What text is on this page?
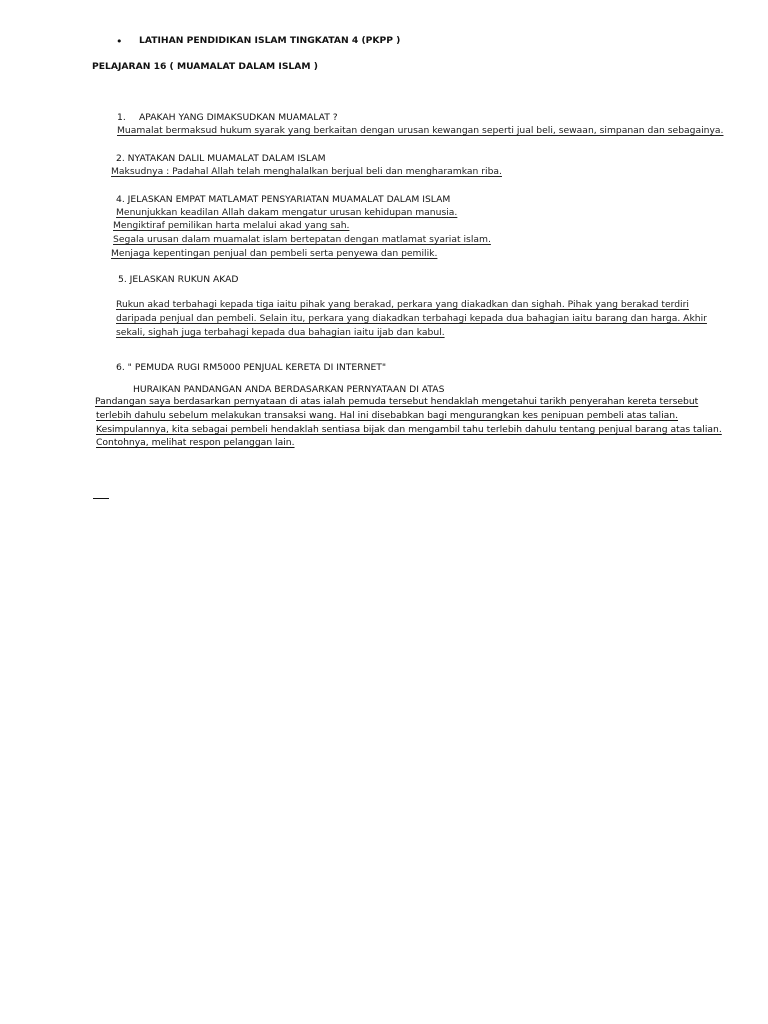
• LATIHAN PENDIDIKAN ISLAM TINGKATAN 4 (PKPP )
PELAJARAN 16 ( MUAMALAT DALAM ISLAM )
1. APAKAH YANG DIMAKSUDKAN MUAMALAT ?
Muamalat bermaksud hukum syarak yang berkaitan dengan urusan kewangan seperti jual beli, sewaan, simpanan dan sebagainya.
2. NYATAKAN DALIL MUAMALAT DALAM ISLAM
Maksudnya : Padahal Allah telah menghalalkan berjual beli dan mengharamkan riba.
4. JELASKAN EMPAT MATLAMAT PENSYARIATAN MUAMALAT DALAM ISLAM
Menunjukkan keadilan Allah dakam mengatur urusan kehidupan manusia.
Mengiktiraf pemilikan harta melalui akad yang sah.
Segala urusan dalam muamalat islam bertepatan dengan matlamat syariat islam.
Menjaga kepentingan penjual dan pembeli serta penyewa dan pemilik.
5. JELASKAN RUKUN AKAD
Rukun akad terbahagi kepada tiga iaitu pihak yang berakad, perkara yang diakadkan dan sighah. Pihak yang berakad terdiri
daripada penjual dan pembeli. Selain itu, perkara yang diakadkan terbahagi kepada dua bahagian iaitu barang dan harga. Akhir
sekali, sighah juga terbahagi kepada dua bahagian iaitu ijab dan kabul.
6. " PEMUDA RUGI RM5000 PENJUAL KERETA DI INTERNET"
HURAIKAN PANDANGAN ANDA BERDASARKAN PERNYATAAN DI ATAS
Pandangan saya berdasarkan pernyataan di atas ialah pemuda tersebut hendaklah mengetahui tarikh penyerahan kereta tersebut
terlebih dahulu sebelum melakukan transaksi wang. Hal ini disebabkan bagi mengurangkan kes penipuan pembeli atas talian.
Kesimpulannya, kita sebagai pembeli hendaklah sentiasa bijak dan mengambil tahu terlebih dahulu tentang penjual barang atas talian.
Contohnya, melihat respon pelanggan lain.
